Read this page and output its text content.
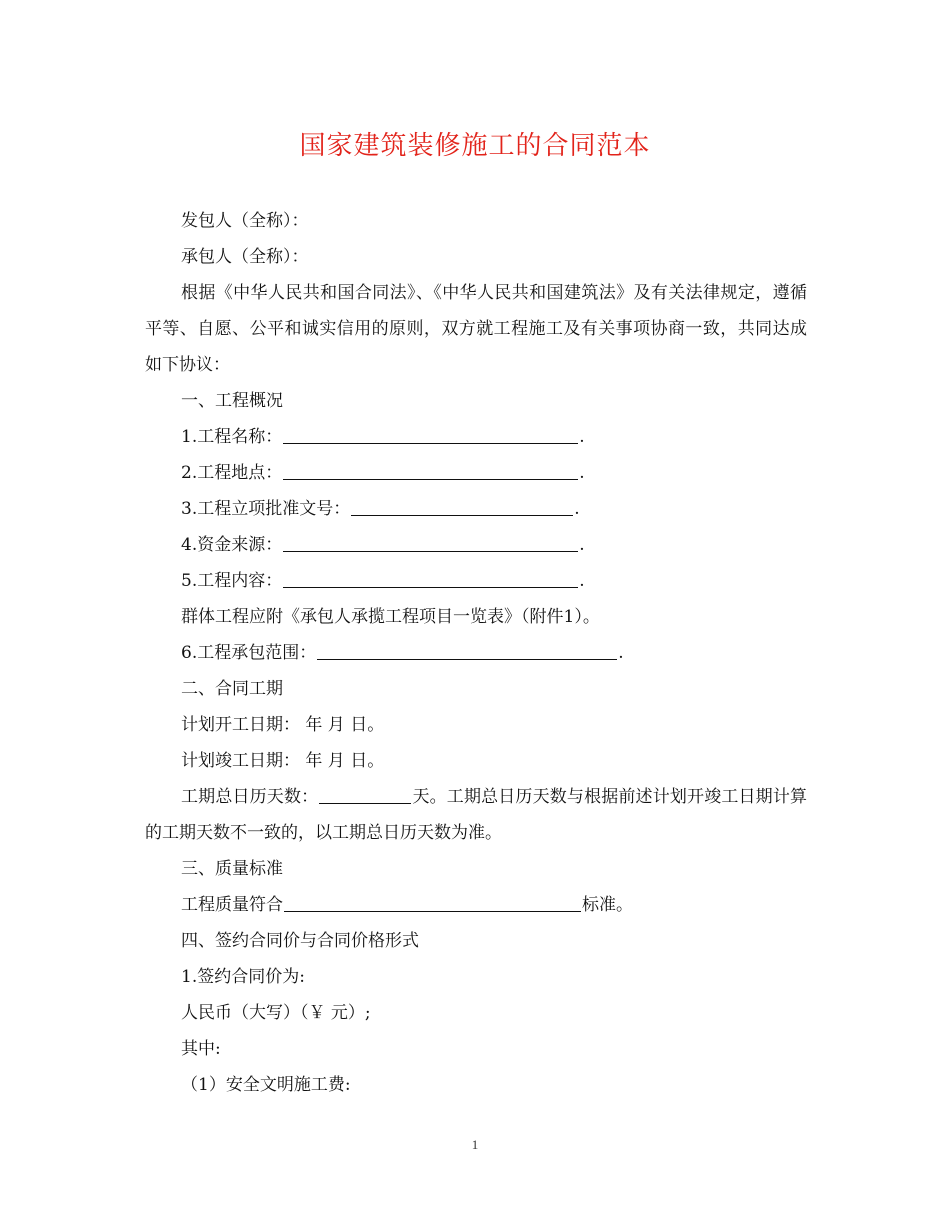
国家建筑装修施工的合同范本

发包人（全称）：

承包人（全称）：

根据《中华人民共和国合同法》、《中华人民共和国建筑法》及有关法律规定，遵循平等、自愿、公平和诚实信用的原则，双方就工程施工及有关事项协商一致，共同达成如下协议：

一、工程概况

1.工程名称：	.

2.工程地点：	.

3.工程立项批准文号：	.

4.资金来源：	.

5.工程内容：	.

群体工程应附《承包人承揽工程项目一览表》（附件1）。

6.工程承包范围：	.

二、合同工期

计划开工日期： 年 月 日。

计划竣工日期： 年 月 日。

工期总日历天数：	天。工期总日历天数与根据前述计划开竣工日期计算的工期天数不一致的，以工期总日历天数为准。

三、质量标准

工程质量符合	标准。

四、签约合同价与合同价格形式

1.签约合同价为:

人民币（大写）（￥ 元）;

其中:

（1）安全文明施工费:

1
